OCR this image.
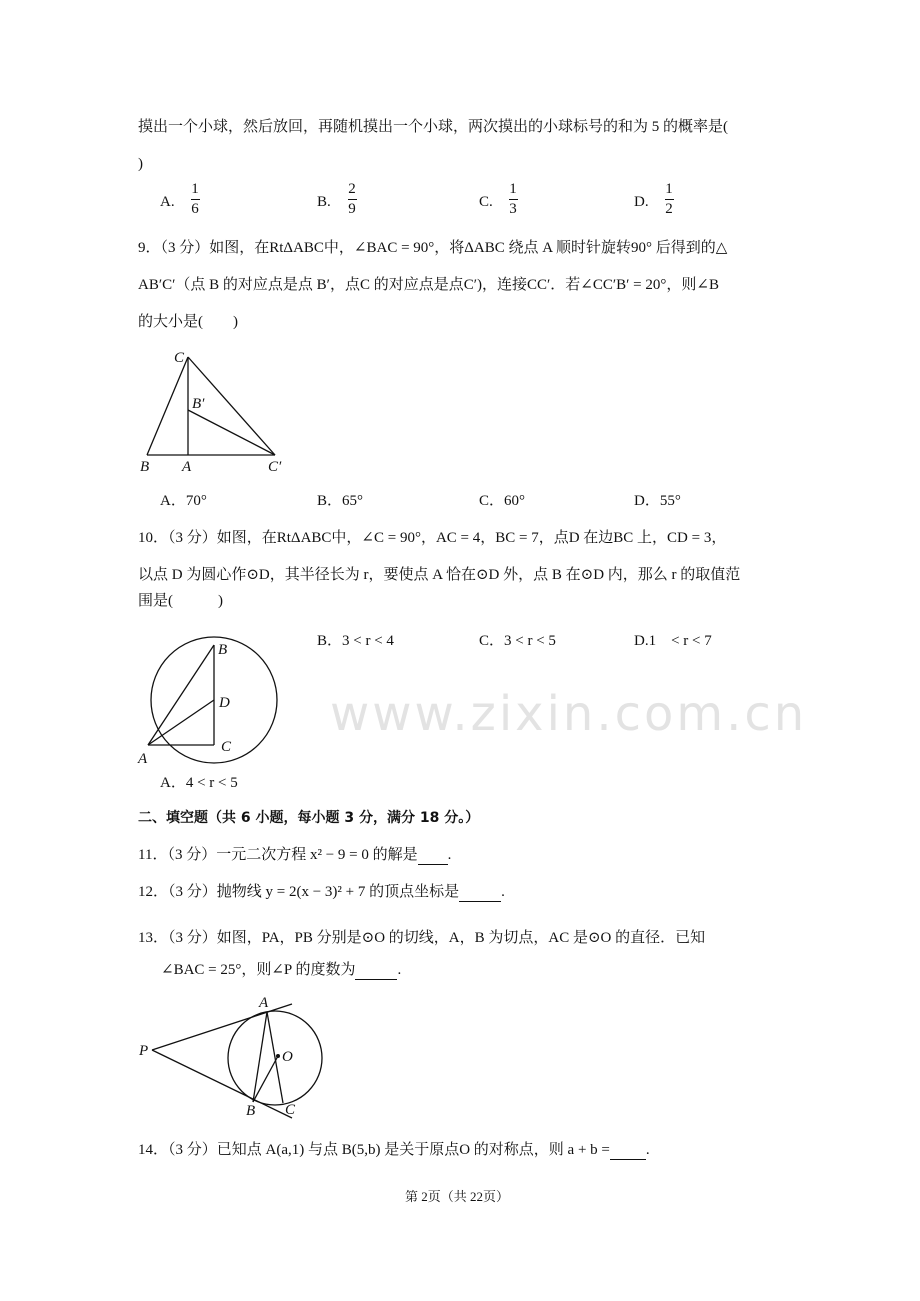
www.zixin.com.cn
摸出一个小球，然后放回，再随机摸出一个小球，两次摸出的小球标号的和为 5 的概率是(
)
A.
1
6	B.
2
9	C.
1
3	D.
1
2
9．（3 分）如图，在RtΔABC中，∠BAC = 90°，将ΔABC 绕点 A 顺时针旋转90° 后得到的△
AB′C′（点 B 的对应点是点 B′，点C 的对应点是点C′)，连接CC′．若∠CC′B′ = 20°，则∠B
的大小是(　　)
C
B′
B A	C′
A．70°	B．65°	C．60°	D．55°
10．（3 分）如图，在RtΔABC中，∠C = 90°，AC = 4，BC = 7，点D 在边BC 上，CD = 3，
以点 D 为圆心作⊙D，其半径长为 r，要使点 A 恰在⊙D 外，点 B 在⊙D 内，那么 r 的取值范
围是(　　　)
B
D
A
C
A．4 < r < 5
B．3 < r < 4	C．3 < r < 5	D.1　< r < 7
二、填空题（共 6 小题，每小题 3 分，满分 18 分。）
11．（3 分）一元二次方程 x² − 9 = 0 的解是 .
12．（3 分）抛物线 y = 2(x − 3)² + 7 的顶点坐标是	.
13．（3 分）如图，PA，PB 分别是⊙O 的切线，A，B 为切点，AC 是⊙O 的直径．已知
∠BAC = 25°，则∠P 的度数为	.
A
P	O
B C
14．（3 分）已知点 A(a,1) 与点 B(5,b) 是关于原点O 的对称点，则 a + b = .
第 2页（共 22页）
